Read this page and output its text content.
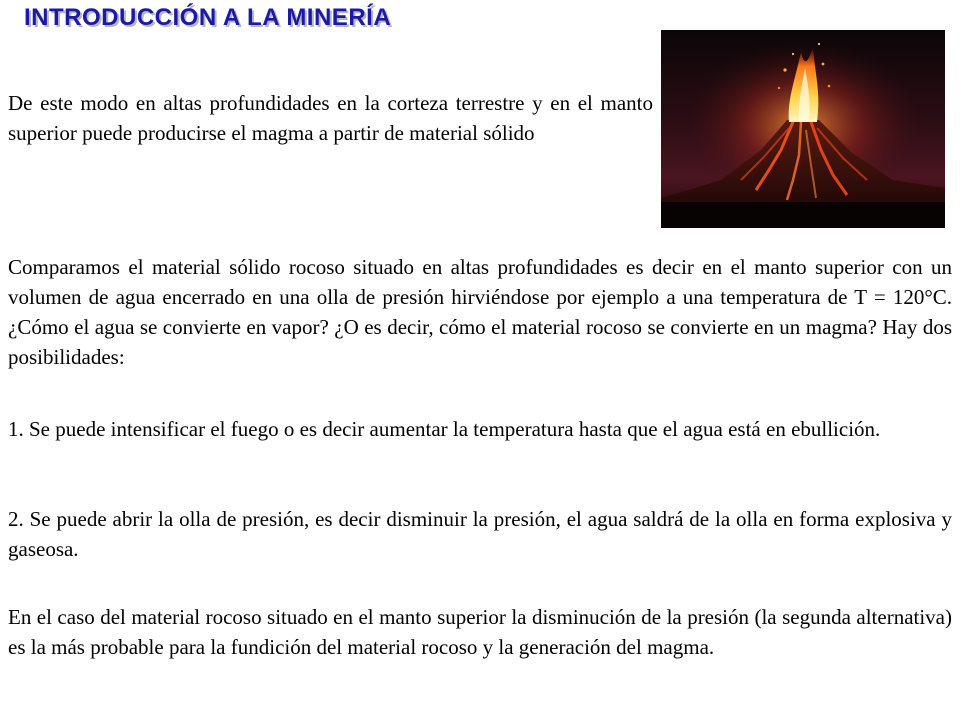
INTRODUCCIÓN A LA MINERÍA

De este modo en altas profundidades en la corteza terrestre y en el manto superior puede producirse el magma a partir de material sólido

Comparamos el material sólido rocoso situado en altas profundidades es decir en el manto superior con un volumen de agua encerrado en una olla de presión hirviéndose por ejemplo a una temperatura de T = 120°C. ¿Cómo el agua se convierte en vapor? ¿O es decir, cómo el material rocoso se convierte en un magma? Hay dos posibilidades:

1. Se puede intensificar el fuego o es decir aumentar la temperatura hasta que el agua está en ebullición.

2. Se puede abrir la olla de presión, es decir disminuir la presión, el agua saldrá de la olla en forma explosiva y gaseosa.

En el caso del material rocoso situado en el manto superior la disminución de la presión (la segunda alternativa) es la más probable para la fundición del material rocoso y la generación del magma.
